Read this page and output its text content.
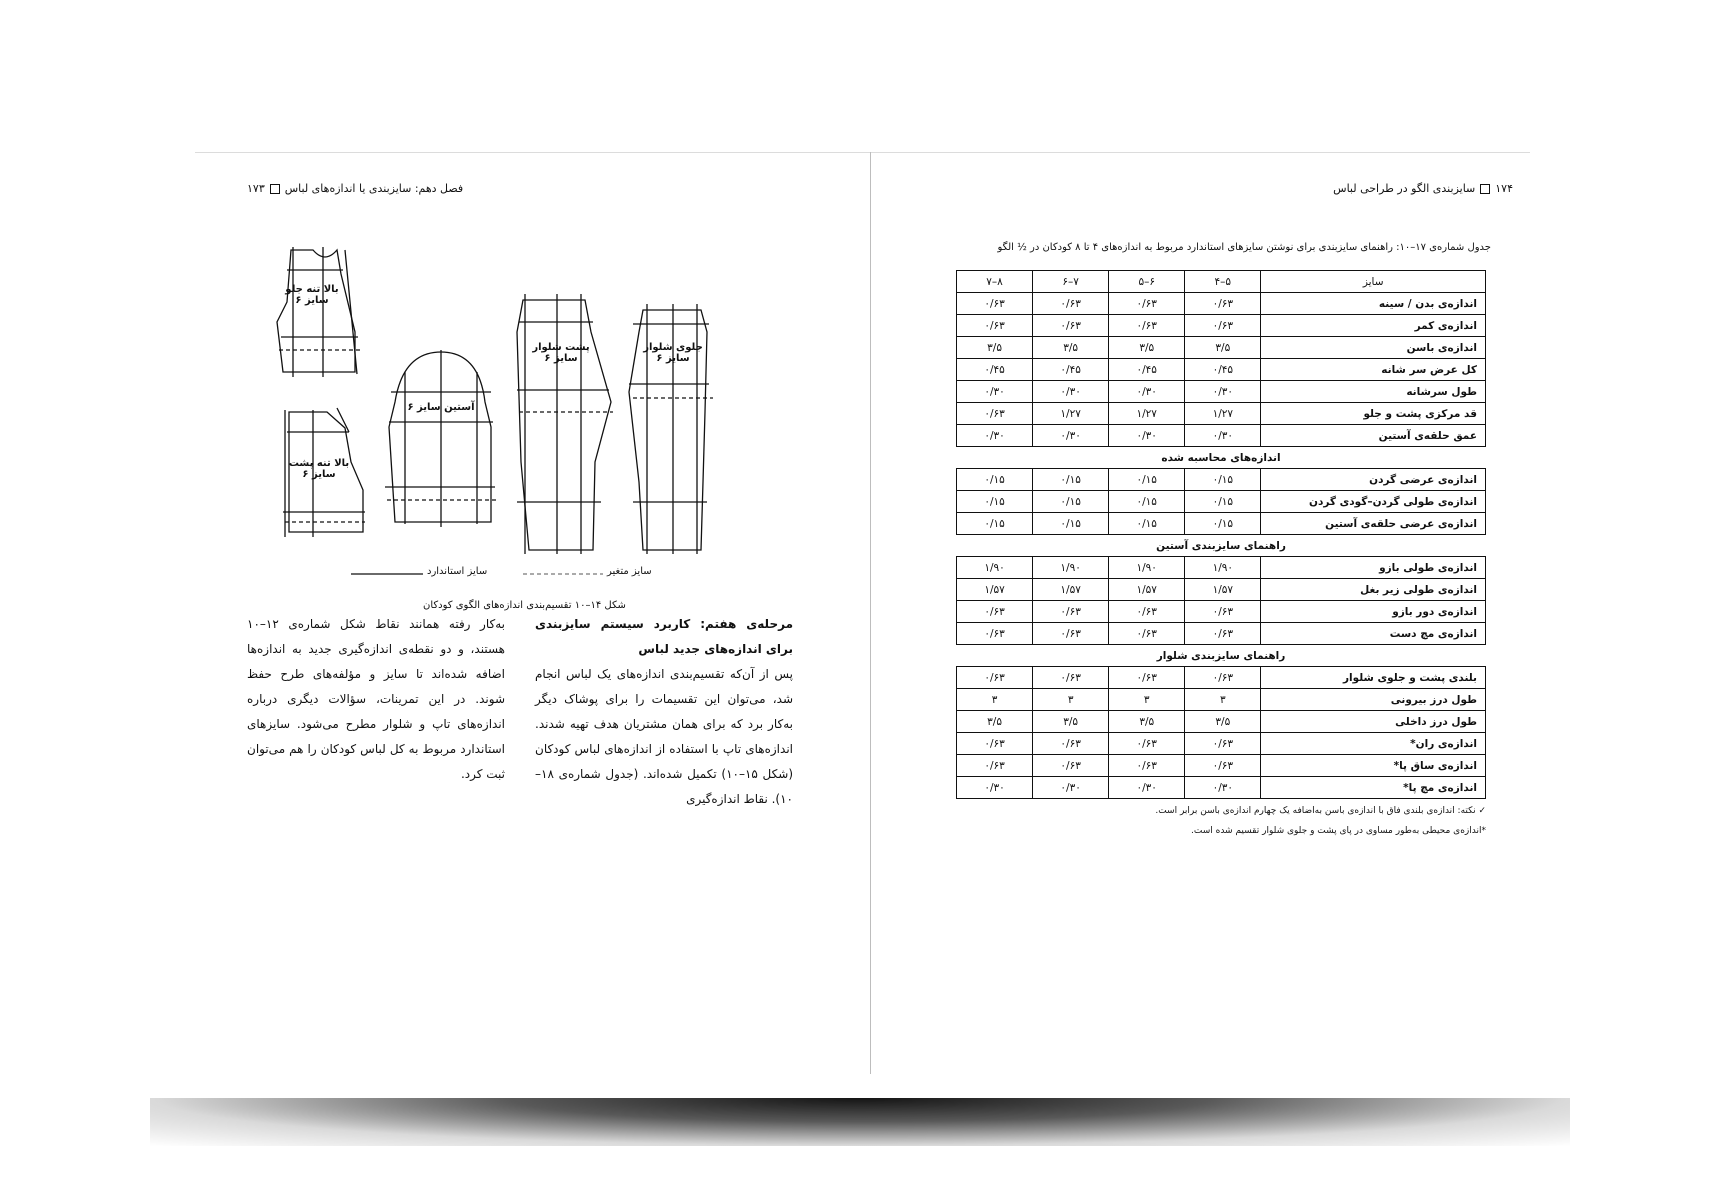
فصل دهم: سایزبندی یا اندازه‌های لباس
۱۷۳
بالا تنه جلو سایز ۶
بالا تنه پشت سایز ۶
آستین سایز ۶
پشت شلوار سایز ۶
جلوی شلوار سایز ۶
سایز استاندارد	سایز متغیر
شکل ۱۴–۱۰ تقسیم‌بندی اندازه‌های الگوی کودکان
مرحله‌ی هفتم: کاربرد سیستم سایزبندی برای اندازه‌های جدید لباس
پس از آن‌که تقسیم‌بندی اندازه‌های یک لباس انجام شد، می‌توان این تقسیمات را برای پوشاک دیگر به‌کار برد که برای همان مشتریان هدف تهیه شدند. اندازه‌های تاپ با استفاده از اندازه‌های لباس کودکان (شکل ۱۵–۱۰) تکمیل شده‌اند. (جدول شماره‌ی ۱۸–۱۰). نقاط اندازه‌گیری
به‌کار رفته همانند نقاط شکل شماره‌ی ۱۲–۱۰ هستند، و دو نقطه‌ی اندازه‌گیری جدید به اندازه‌ها اضافه شده‌اند تا سایز و مؤلفه‌های طرح حفظ شوند. در این تمرینات، سؤالات دیگری درباره اندازه‌های تاپ و شلوار مطرح می‌شود. سایزهای استاندارد مربوط به کل لباس کودکان را هم می‌توان ثبت کرد.
۱۷۴
سایزبندی الگو در طراحی لباس
جدول شماره‌ی ۱۷–۱۰: راهنمای سایزبندی برای نوشتن سایزهای استاندارد مربوط به اندازه‌های ۴ تا ۸ کودکان در ½ الگو
سایز	۵–۴	۶–۵	۷–۶	۸–۷
اندازه‌ی بدن / سینه	۰/۶۳	۰/۶۳	۰/۶۳	۰/۶۳
اندازه‌ی کمر	۰/۶۳	۰/۶۳	۰/۶۳	۰/۶۳
اندازه‌ی باسن	۳/۵	۳/۵	۳/۵	۳/۵
کل عرض سر شانه	۰/۴۵	۰/۴۵	۰/۴۵	۰/۴۵
طول سرشانه	۰/۳۰	۰/۳۰	۰/۳۰	۰/۳۰
قد مرکزی پشت و جلو	۱/۲۷	۱/۲۷	۱/۲۷	۰/۶۳
عمق حلقه‌ی آستین	۰/۳۰	۰/۳۰	۰/۳۰	۰/۳۰
اندازه‌های محاسبه شده				
اندازه‌ی عرضی گردن	۰/۱۵	۰/۱۵	۰/۱۵	۰/۱۵
اندازه‌ی طولی گردن–گودی گردن	۰/۱۵	۰/۱۵	۰/۱۵	۰/۱۵
اندازه‌ی عرضی حلقه‌ی آستین	۰/۱۵	۰/۱۵	۰/۱۵	۰/۱۵
راهنمای سایزبندی آستین				
اندازه‌ی طولی بازو	۱/۹۰	۱/۹۰	۱/۹۰	۱/۹۰
اندازه‌ی طولی زیر بغل	۱/۵۷	۱/۵۷	۱/۵۷	۱/۵۷
اندازه‌ی دور بازو	۰/۶۳	۰/۶۳	۰/۶۳	۰/۶۳
اندازه‌ی مچ دست	۰/۶۳	۰/۶۳	۰/۶۳	۰/۶۳
راهنمای سایزبندی شلوار				
بلندی پشت و جلوی شلوار	۰/۶۳	۰/۶۳	۰/۶۳	۰/۶۳
طول درز بیرونی	۳	۳	۳	۳
طول درز داخلی	۳/۵	۳/۵	۳/۵	۳/۵
اندازه‌ی ران*	۰/۶۳	۰/۶۳	۰/۶۳	۰/۶۳
اندازه‌ی ساق پا*	۰/۶۳	۰/۶۳	۰/۶۳	۰/۶۳
اندازه‌ی مچ پا*	۰/۳۰	۰/۳۰	۰/۳۰	۰/۳۰
✓ نکته: اندازه‌ی بلندی فاق با اندازه‌ی باسن به‌اضافه یک چهارم اندازه‌ی باسن برابر است.
*اندازه‌ی محیطی به‌طور مساوی در پای پشت و جلوی شلوار تقسیم شده است.
